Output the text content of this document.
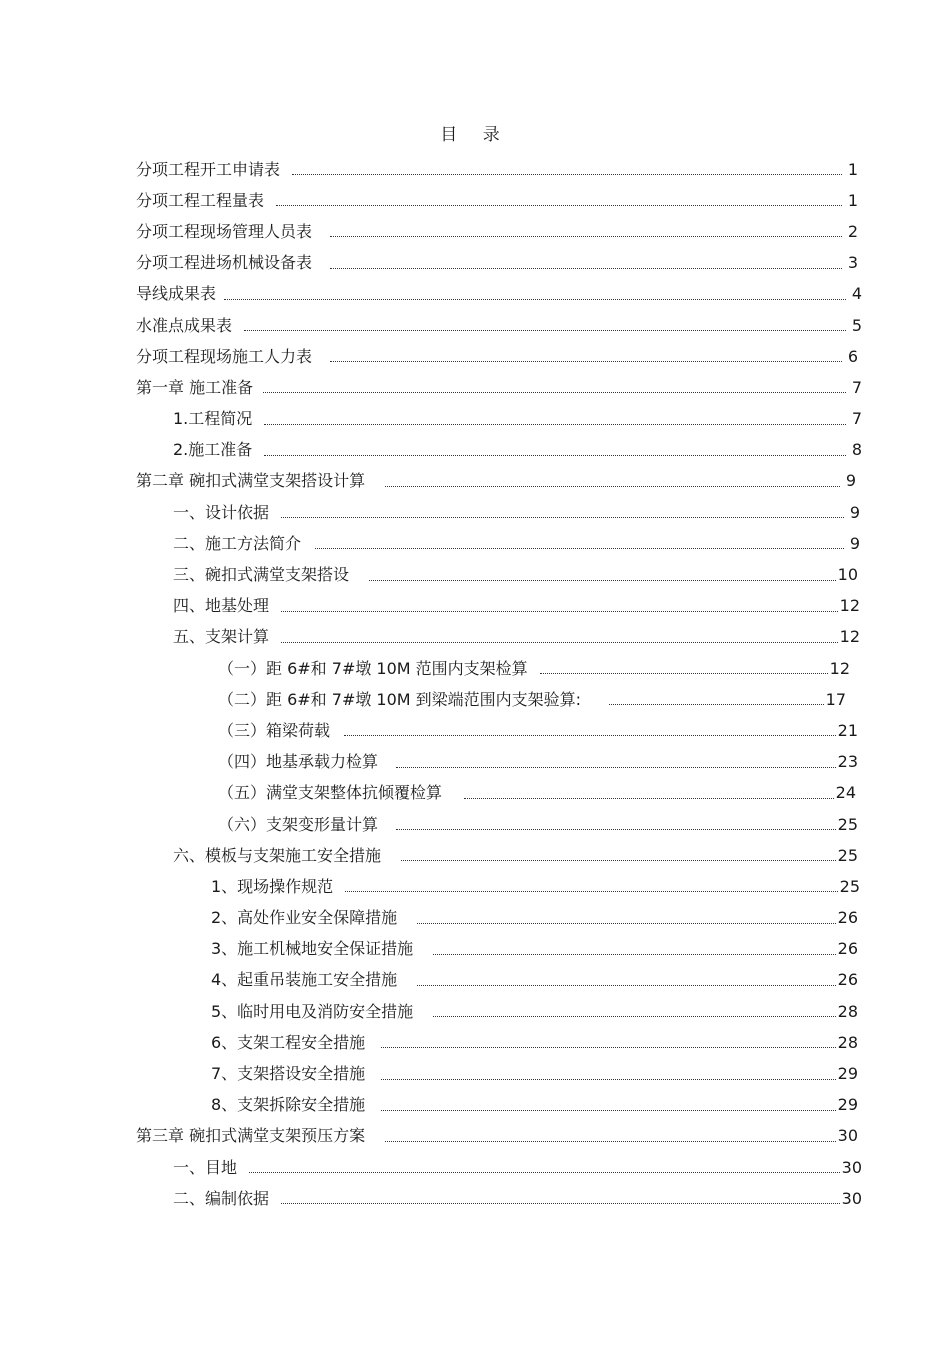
目 录
分项工程开工申请表	1
分项工程工程量表	1
分项工程现场管理人员表	2
分项工程进场机械设备表	3
导线成果表	4
水准点成果表	5
分项工程现场施工人力表	6
第一章 施工准备	7
1.工程简况	7
2.施工准备	8
第二章 碗扣式满堂支架搭设计算	9
一、设计依据	9
二、施工方法简介	9
三、碗扣式满堂支架搭设	10
四、地基处理	12
五、支架计算	12
（一）距 6#和 7#墩 10M 范围内支架检算	12
（二）距 6#和 7#墩 10M 到梁端范围内支架验算:	17
（三）箱梁荷载	21
（四）地基承载力检算	23
（五）满堂支架整体抗倾覆检算	24
（六）支架变形量计算	25
六、模板与支架施工安全措施	25
1、现场操作规范	25
2、高处作业安全保障措施	26
3、施工机械地安全保证措施	26
4、起重吊装施工安全措施	26
5、临时用电及消防安全措施	28
6、支架工程安全措施	28
7、支架搭设安全措施	29
8、支架拆除安全措施	29
第三章 碗扣式满堂支架预压方案	30
一、目地	30
二、编制依据	30
